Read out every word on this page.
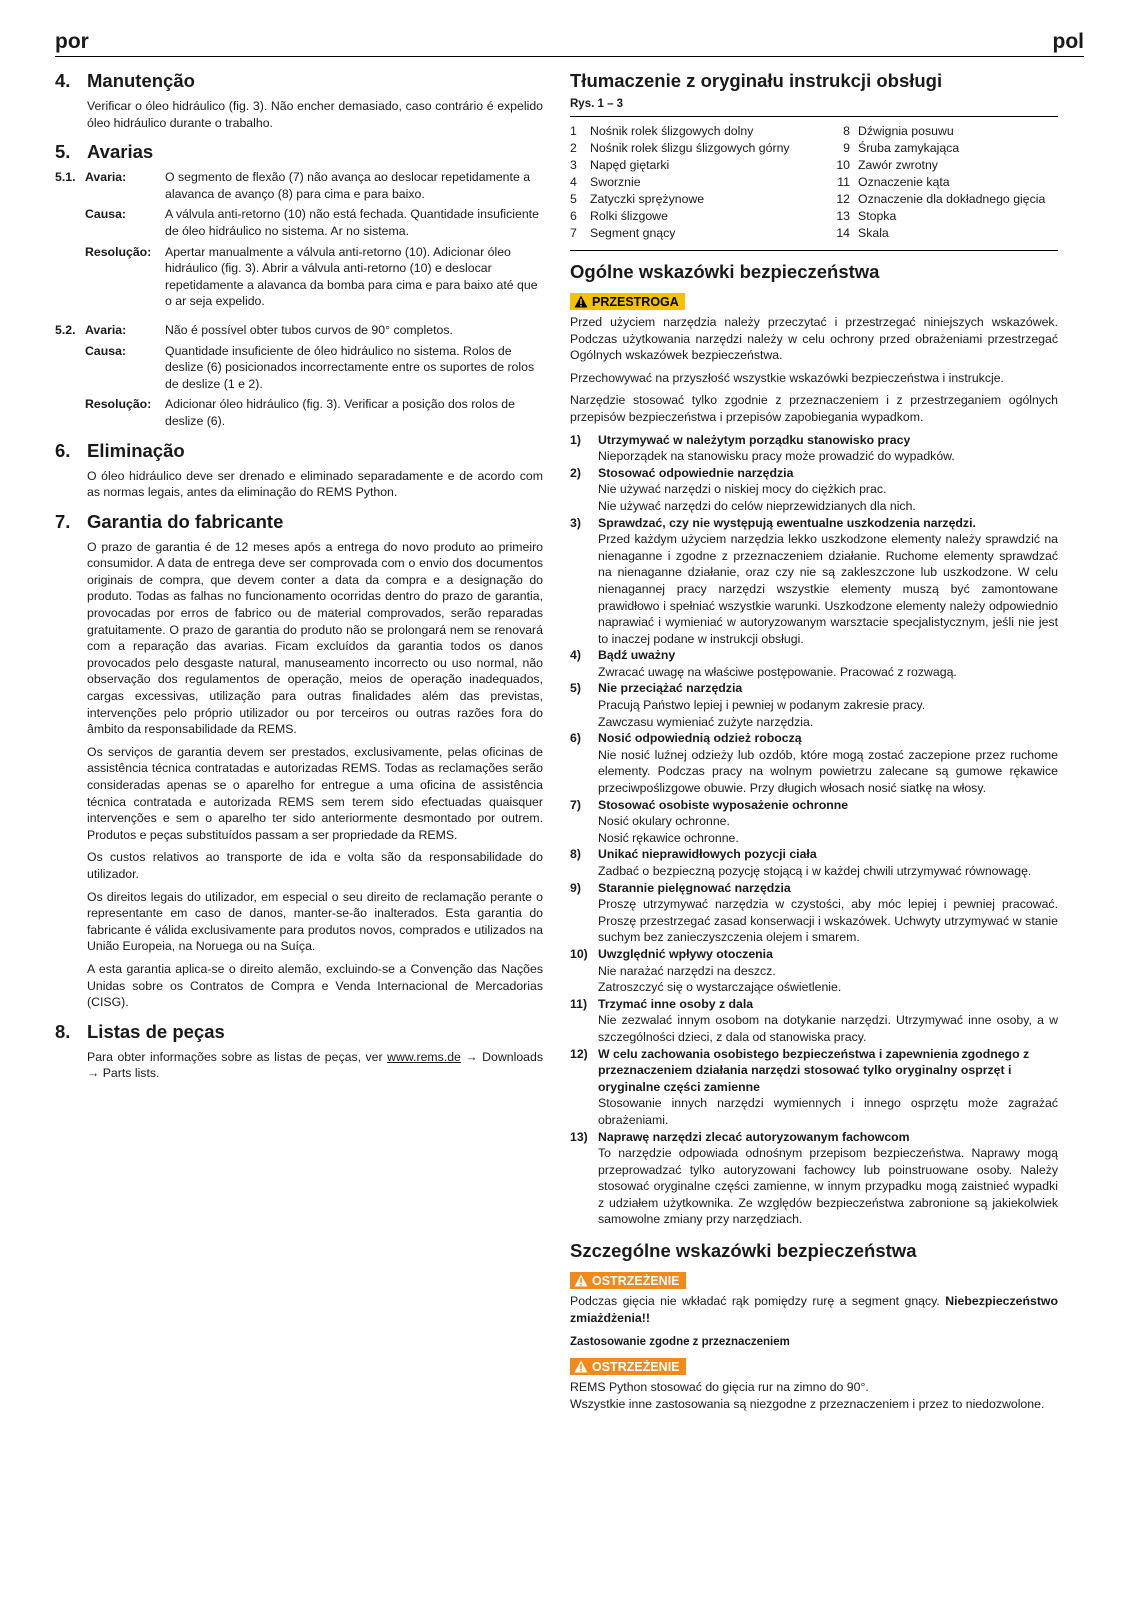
por	pol
4. Manutenção

Verificar o óleo hidráulico (fig. 3). Não encher demasiado, caso contrário é expelido óleo hidráulico durante o trabalho.

5. Avarias
5.1. Avaria:	O segmento de flexão (7) não avança ao deslocar repetidamente a alavanca de avanço (8) para cima e para baixo.
Causa:	A válvula anti-retorno (10) não está fechada. Quantidade insuficiente de óleo hidráulico no sistema. Ar no sistema.
Resolução:	Apertar manualmente a válvula anti-retorno (10). Adicionar óleo hidráulico (fig. 3). Abrir a válvula anti-retorno (10) e deslocar repetidamente a alavanca da bomba para cima e para baixo até que o ar seja expelido.
5.2. Avaria:	Não é possível obter tubos curvos de 90° completos.
Causa:	Quantidade insuficiente de óleo hidráulico no sistema. Rolos de deslize (6) posicionados incorrectamente entre os suportes de rolos de deslize (1 e 2).
Resolução:	Adicionar óleo hidráulico (fig. 3). Verificar a posição dos rolos de deslize (6).
6. Eliminação

O óleo hidráulico deve ser drenado e eliminado separadamente e de acordo com as normas legais, antes da eliminação do REMS Python.

7. Garantia do fabricante

O prazo de garantia é de 12 meses após a entrega do novo produto ao primeiro consumidor. A data de entrega deve ser comprovada com o envio dos documentos originais de compra, que devem conter a data da compra e a designação do produto. Todas as falhas no funcionamento ocorridas dentro do prazo de garantia, provocadas por erros de fabrico ou de material comprovados, serão reparadas gratuitamente. O prazo de garantia do produto não se prolongará nem se renovará com a reparação das avarias. Ficam excluídos da garantia todos os danos provocados pelo desgaste natural, manuseamento incorrecto ou uso normal, não observação dos regulamentos de operação, meios de operação inadequados, cargas excessivas, utilização para outras finalidades além das previstas, intervenções pelo próprio utilizador ou por terceiros ou outras razões fora do âmbito da responsabilidade da REMS.

Os serviços de garantia devem ser prestados, exclusivamente, pelas oficinas de assistência técnica contratadas e autorizadas REMS. Todas as reclamações serão consideradas apenas se o aparelho for entregue a uma oficina de assistência técnica contratada e autorizada REMS sem terem sido efectuadas quaisquer intervenções e sem o aparelho ter sido anteriormente desmontado por outrem. Produtos e peças substituídos passam a ser propriedade da REMS.

Os custos relativos ao transporte de ida e volta são da responsabilidade do utilizador.

Os direitos legais do utilizador, em especial o seu direito de reclamação perante o representante em caso de danos, manter-se-ão inalterados. Esta garantia do fabricante é válida exclusivamente para produtos novos, comprados e utilizados na União Europeia, na Noruega ou na Suíça.

A esta garantia aplica-se o direito alemão, excluindo-se a Convenção das Nações Unidas sobre os Contratos de Compra e Venda Internacional de Mercadorias (CISG).

8. Listas de peças

Para obter informações sobre as listas de peças, ver www.rems.de → Downloads → Parts lists.

Tłumaczenie z oryginału instrukcji obsługi
Rys. 1 – 3
1	Nośnik rolek ślizgowych dolny
2	Nośnik rolek ślizgu ślizgowych górny
3	Napęd giętarki
4	Sworznie
5	Zatyczki sprężynowe
6	Rolki ślizgowe
7	Segment gnący
8 Dźwignia posuwu
9 Śruba zamykająca
10 Zawór zwrotny
11 Oznaczenie kąta
12 Oznaczenie dla dokładnego gięcia
13 Stopka
14 Skala
Ogólne wskazówki bezpieczeństwa
PRZESTROGA

Przed użyciem narzędzia należy przeczytać i przestrzegać niniejszych wskazówek. Podczas użytkowania narzędzi należy w celu ochrony przed obrażeniami przestrzegać Ogólnych wskazówek bezpieczeństwa.

Przechowywać na przyszłość wszystkie wskazówki bezpieczeństwa i instrukcje.

Narzędzie stosować tylko zgodnie z przeznaczeniem i z przestrzeganiem ogólnych przepisów bezpieczeństwa i przepisów zapobiegania wypadkom.

1)	Utrzymywać w należytym porządku stanowisko pracy
Nieporządek na stanowisku pracy może prowadzić do wypadków.
2)	Stosować odpowiednie narzędzia
Nie używać narzędzi o niskiej mocy do ciężkich prac.
Nie używać narzędzi do celów nieprzewidzianych dla nich.
3)	Sprawdzać, czy nie występują ewentualne uszkodzenia narzędzi.
Przed każdym użyciem narzędzia lekko uszkodzone elementy należy sprawdzić na nienaganne i zgodne z przeznaczeniem działanie. Ruchome elementy sprawdzać na nienaganne działanie, oraz czy nie są zakleszczone lub uszkodzone. W celu nienagannej pracy narzędzi wszystkie elementy muszą być zamontowane prawidłowo i spełniać wszystkie warunki. Uszkodzone elementy należy odpowiednio naprawiać i wymieniać w autoryzowanym warsztacie specjalistycznym, jeśli nie jest to inaczej podane w instrukcji obsługi.
4)	Bądź uważny
Zwracać uwagę na właściwe postępowanie. Pracować z rozwagą.
5)	Nie przeciążać narzędzia
Pracują Państwo lepiej i pewniej w podanym zakresie pracy.
Zawczasu wymieniać zużyte narzędzia.
6)	Nosić odpowiednią odzież roboczą
Nie nosić luźnej odzieży lub ozdób, które mogą zostać zaczepione przez ruchome elementy. Podczas pracy na wolnym powietrzu zalecane są gumowe rękawice przeciwpoślizgowe obuwie. Przy długich włosach nosić siatkę na włosy.
7)	Stosować osobiste wyposażenie ochronne
Nosić okulary ochronne.
Nosić rękawice ochronne.
8)	Unikać nieprawidłowych pozycji ciała
Zadbać o bezpieczną pozycję stojącą i w każdej chwili utrzymywać równowagę.
9)	Starannie pielęgnować narzędzia
Proszę utrzymywać narzędzia w czystości, aby móc lepiej i pewniej pracować. Proszę przestrzegać zasad konserwacji i wskazówek. Uchwyty utrzymywać w stanie suchym bez zanieczyszczenia olejem i smarem.
10) Uwzględnić wpływy otoczenia
Nie narażać narzędzi na deszcz.
Zatroszczyć się o wystarczające oświetlenie.
11) Trzymać inne osoby z dala
Nie zezwalać innym osobom na dotykanie narzędzi. Utrzymywać inne osoby, a w szczególności dzieci, z dala od stanowiska pracy.
12) W celu zachowania osobistego bezpieczeństwa i zapewnienia zgodnego z przeznaczeniem działania narzędzi stosować tylko oryginalny osprzęt i oryginalne części zamienne
Stosowanie innych narzędzi wymiennych i innego osprzętu może zagrażać obrażeniami.
13) Naprawę narzędzi zlecać autoryzowanym fachowcom
To narzędzie odpowiada odnośnym przepisom bezpieczeństwa. Naprawy mogą przeprowadzać tylko autoryzowani fachowcy lub poinstruowane osoby. Należy stosować oryginalne części zamienne, w innym przypadku mogą zaistnieć wypadki z udziałem użytkownika. Ze względów bezpieczeństwa zabronione są jakiekolwiek samowolne zmiany przy narzędziach.
Szczególne wskazówki bezpieczeństwa
OSTRZEŻENIE

Podczas gięcia nie wkładać rąk pomiędzy rurę a segment gnący. Niebezpieczeństwo zmiażdżenia!!

Zastosowanie zgodne z przeznaczeniem
OSTRZEŻENIE

REMS Python stosować do gięcia rur na zimno do 90°.

Wszystkie inne zastosowania są niezgodne z przeznaczeniem i przez to niedozwolone.
